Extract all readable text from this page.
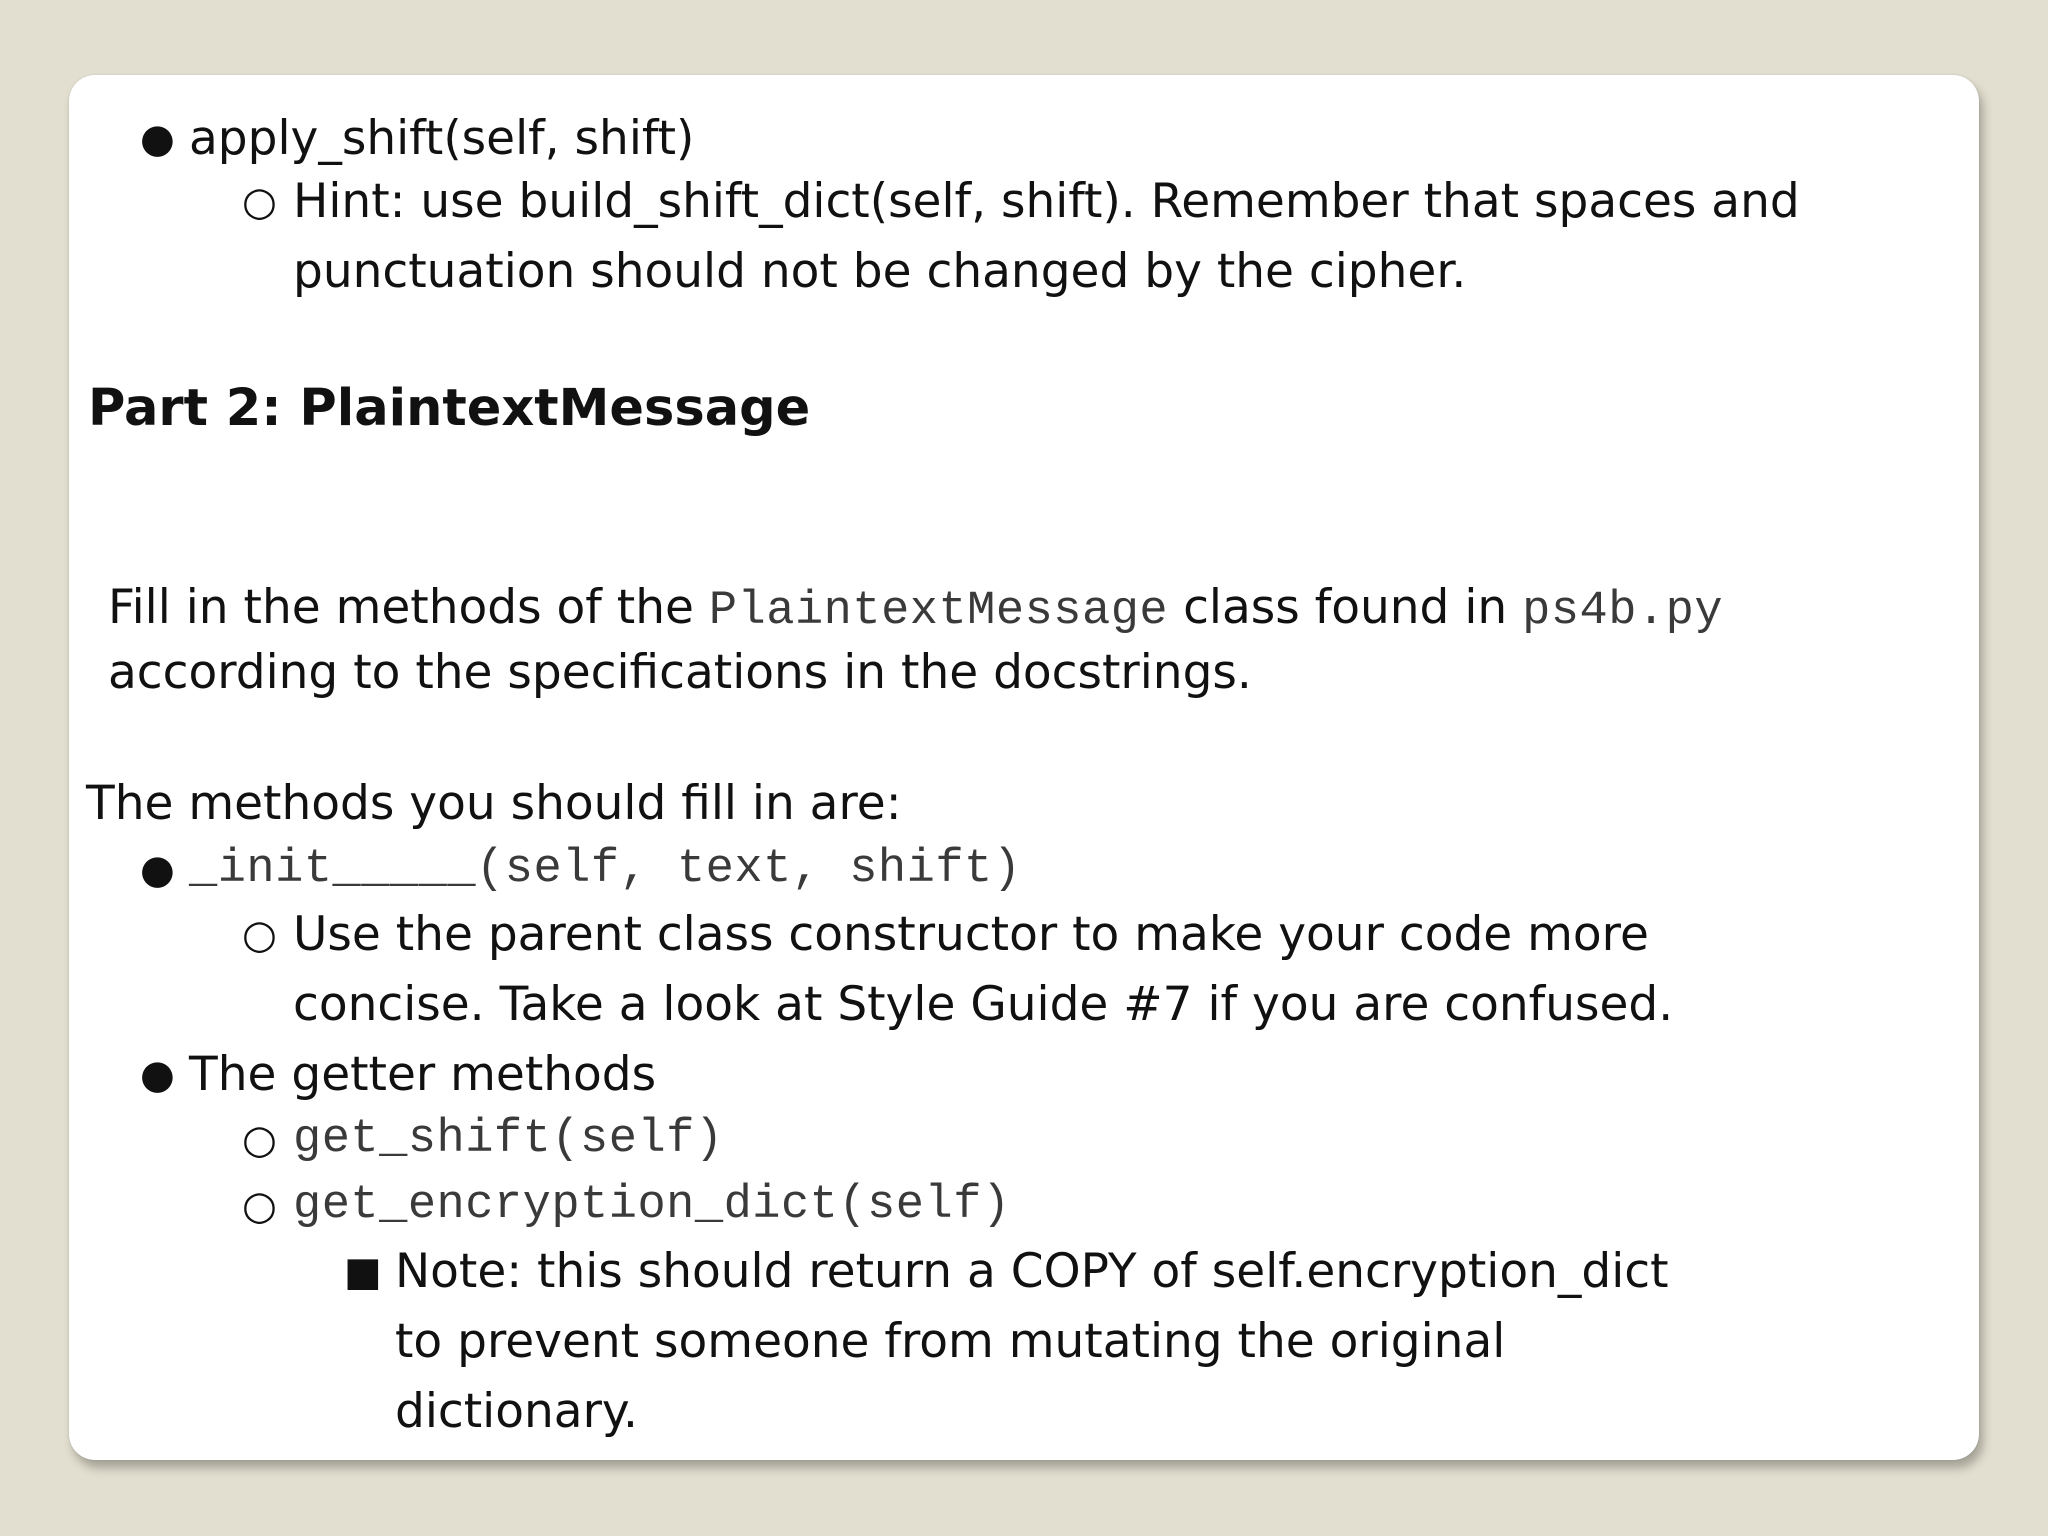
● apply_shift(self, shift)
○ Hint: use build_shift_dict(self, shift). Remember that spaces and
punctuation should not be changed by the cipher.
Part 2: PlaintextMessage
Fill in the methods of the PlaintextMessage class found in ps4b.py
according to the specifications in the docstrings.
The methods you should fill in are:
● _init_____(self, text, shift)
○ Use the parent class constructor to make your code more
concise. Take a look at Style Guide #7 if you are confused.
● The getter methods
○ get_shift(self)
○ get_encryption_dict(self)
■ Note: this should return a COPY of self.encryption_dict
to prevent someone from mutating the original
dictionary.
